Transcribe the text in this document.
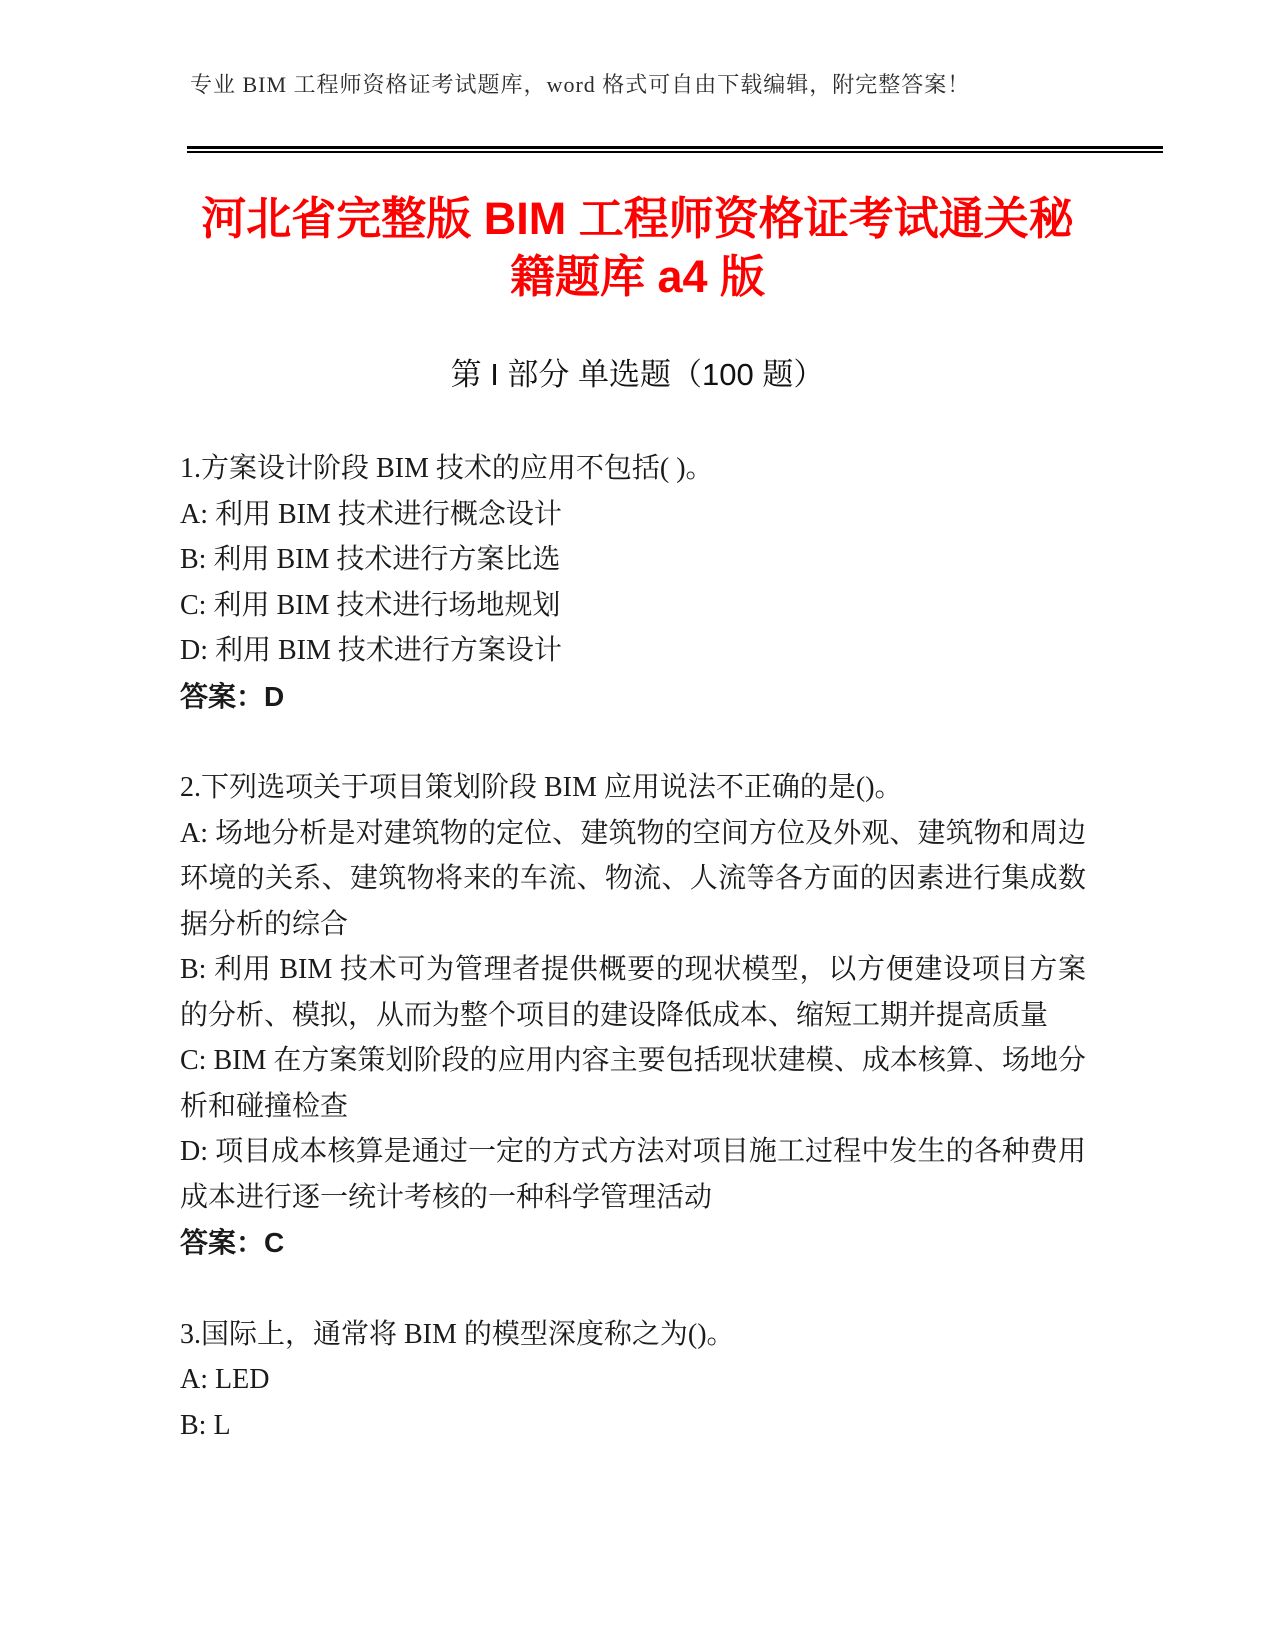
专业 BIM 工程师资格证考试题库，word 格式可自由下载编辑，附完整答案！
河北省完整版 BIM 工程师资格证考试通关秘
籍题库 a4 版
第 I 部分 单选题（100 题）

1.方案设计阶段 BIM 技术的应用不包括( )。

A: 利用 BIM 技术进行概念设计

B: 利用 BIM 技术进行方案比选

C: 利用 BIM 技术进行场地规划

D: 利用 BIM 技术进行方案设计

答案：D

2.下列选项关于项目策划阶段 BIM 应用说法不正确的是()。

A: 场地分析是对建筑物的定位、建筑物的空间方位及外观、建筑物和周边环境的关系、建筑物将来的车流、物流、人流等各方面的因素进行集成数据分析的综合

B: 利用 BIM 技术可为管理者提供概要的现状模型，以方便建设项目方案的分析、模拟，从而为整个项目的建设降低成本、缩短工期并提高质量

C: BIM 在方案策划阶段的应用内容主要包括现状建模、成本核算、场地分析和碰撞检查

D: 项目成本核算是通过一定的方式方法对项目施工过程中发生的各种费用成本进行逐一统计考核的一种科学管理活动

答案：C

3.国际上，通常将 BIM 的模型深度称之为()。

A: LED

B: L
